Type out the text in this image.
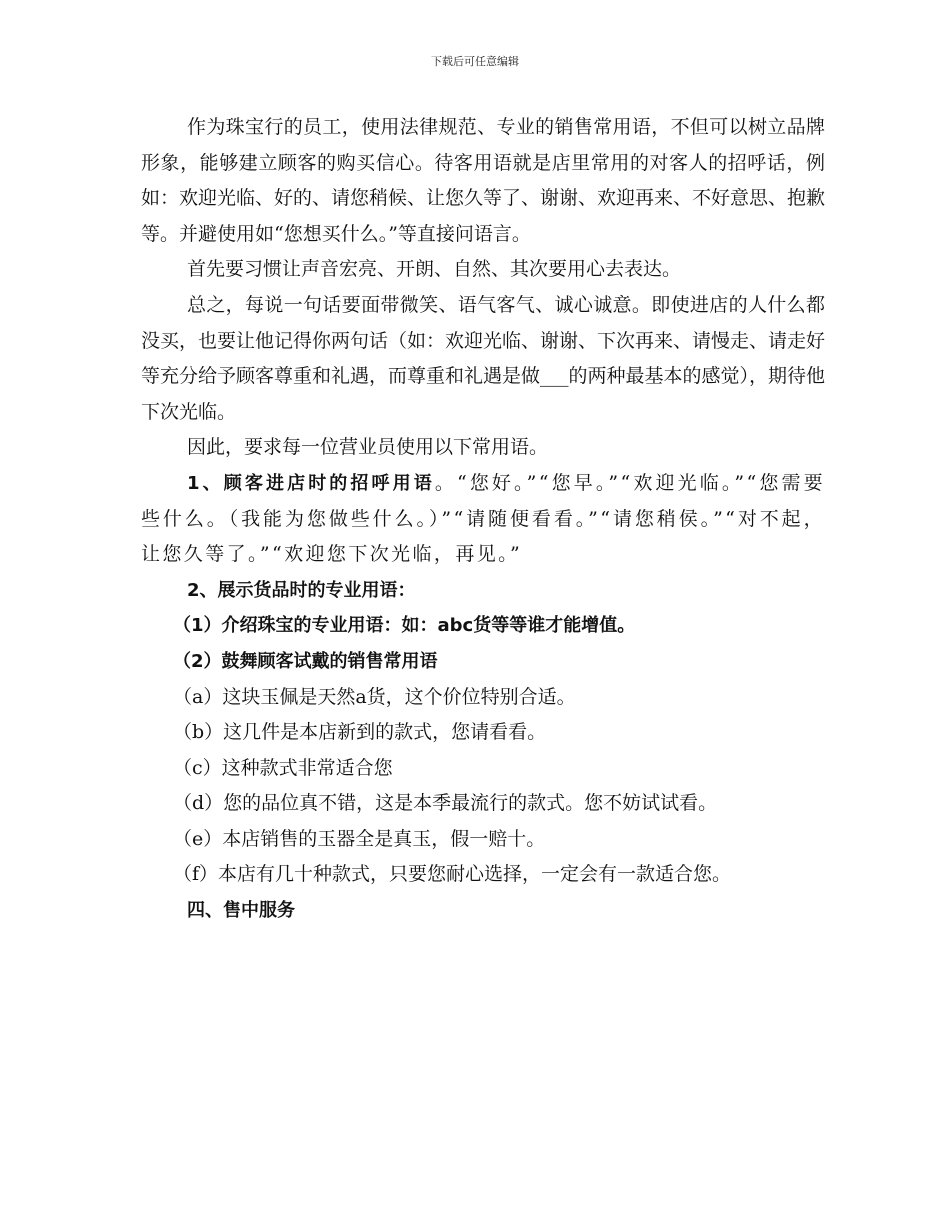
下载后可任意编辑

作为珠宝行的员工，使用法律规范、专业的销售常用语，不但可以树立品牌形象，能够建立顾客的购买信心。待客用语就是店里常用的对客人的招呼话，例如：欢迎光临、好的、请您稍候、让您久等了、谢谢、欢迎再来、不好意思、抱歉等。并避使用如“您想买什么。”等直接问语言。

首先要习惯让声音宏亮、开朗、自然、其次要用心去表达。

总之，每说一句话要面带微笑、语气客气、诚心诚意。即使进店的人什么都没买，也要让他记得你两句话（如：欢迎光临、谢谢、下次再来、请慢走、请走好等充分给予顾客尊重和礼遇，而尊重和礼遇是做___的两种最基本的感觉），期待他下次光临。

因此，要求每一位营业员使用以下常用语。

1、顾客进店时的招呼用语。“您好。”“您早。”“欢迎光临。”“您需要些什么。（我能为您做些什么。）”“请随便看看。”“请您稍侯。”“对不起，让您久等了。”“欢迎您下次光临，再见。”

2、展示货品时的专业用语：

（1）介绍珠宝的专业用语：如：abc货等等谁才能增值。

（2）鼓舞顾客试戴的销售常用语

（a）这块玉佩是天然a货，这个价位特别合适。

（b）这几件是本店新到的款式，您请看看。

（c）这种款式非常适合您

（d）您的品位真不错，这是本季最流行的款式。您不妨试试看。

（e）本店销售的玉器全是真玉，假一赔十。

（f）本店有几十种款式，只要您耐心选择，一定会有一款适合您。

四、售中服务
